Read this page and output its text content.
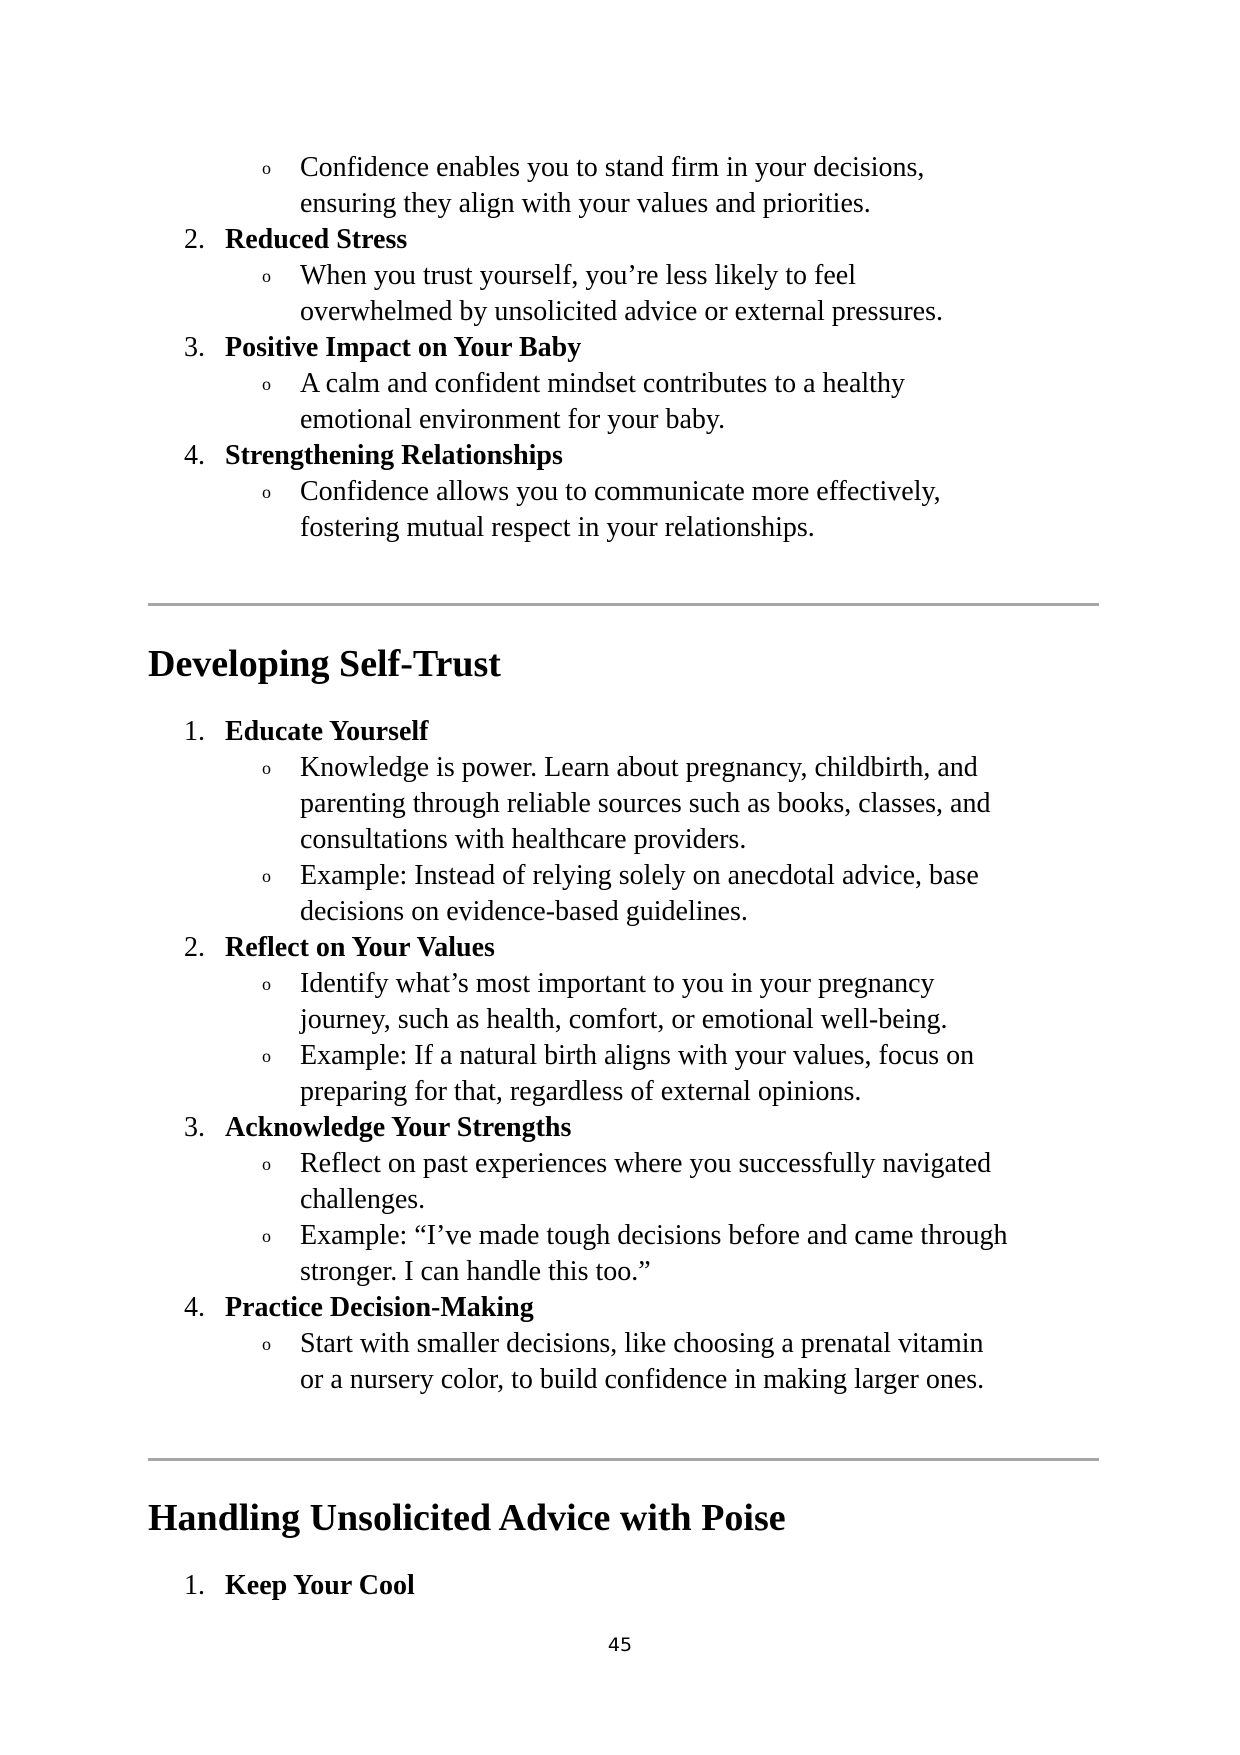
o Confidence enables you to stand firm in your decisions,
ensuring they align with your values and priorities.
2. Reduced Stress
o When you trust yourself, you’re less likely to feel
overwhelmed by unsolicited advice or external pressures.
3. Positive Impact on Your Baby
o A calm and confident mindset contributes to a healthy
emotional environment for your baby.
4. Strengthening Relationships
o Confidence allows you to communicate more effectively,
fostering mutual respect in your relationships.
Developing Self-Trust
1. Educate Yourself
o Knowledge is power. Learn about pregnancy, childbirth, and
parenting through reliable sources such as books, classes, and
consultations with healthcare providers.
o Example: Instead of relying solely on anecdotal advice, base
decisions on evidence-based guidelines.
2. Reflect on Your Values
o Identify what’s most important to you in your pregnancy
journey, such as health, comfort, or emotional well-being.
o Example: If a natural birth aligns with your values, focus on
preparing for that, regardless of external opinions.
3. Acknowledge Your Strengths
o Reflect on past experiences where you successfully navigated
challenges.
o Example: “I’ve made tough decisions before and came through
stronger. I can handle this too.”
4. Practice Decision-Making
o Start with smaller decisions, like choosing a prenatal vitamin
or a nursery color, to build confidence in making larger ones.
Handling Unsolicited Advice with Poise
1. Keep Your Cool
45
